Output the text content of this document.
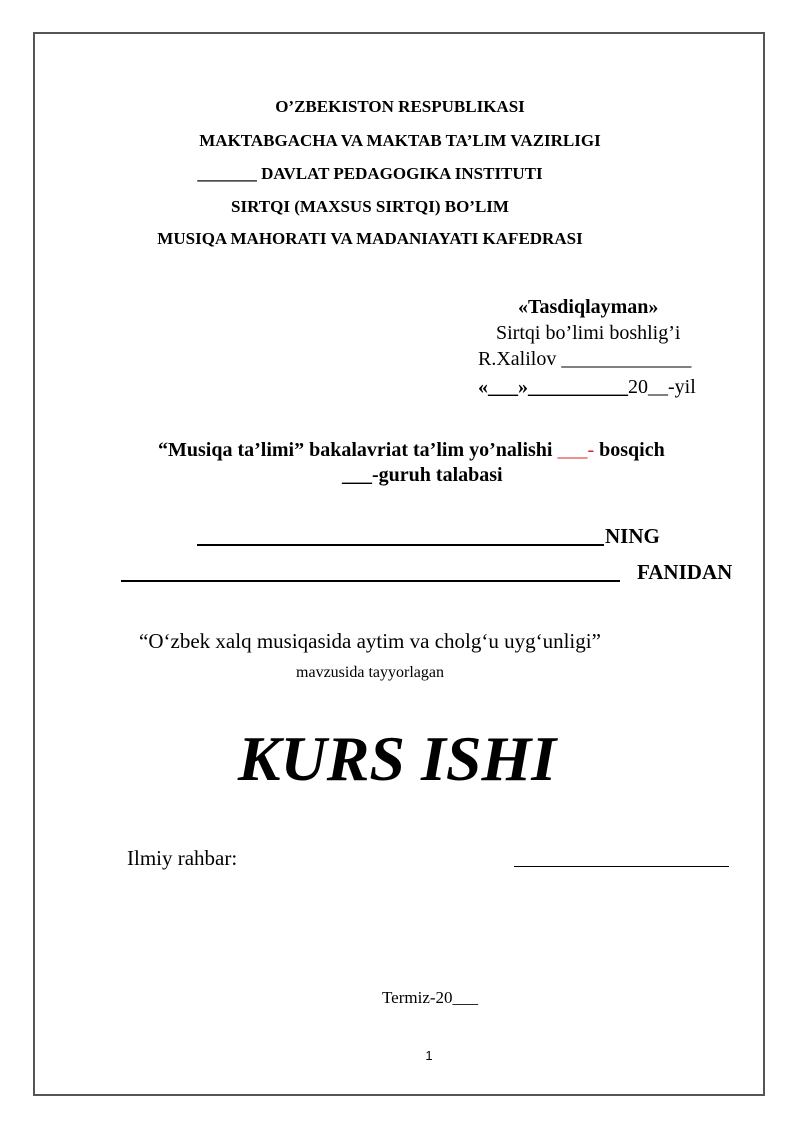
O’ZBEKISTON RESPUBLIKASI
MAKTABGACHA VA MAKTAB TA’LIM VAZIRLIGI
_______ DAVLAT PEDAGOGIKA INSTITUTI
SIRTQI (MAXSUS SIRTQI) BO’LIM
MUSIQA MAHORATI VA MADANIAYATI KAFEDRASI
«Tasdiqlayman»
Sirtqi bo’limi boshlig’i
R.Xalilov _____________
«___»__________20__-yil
“Musiqa ta’limi” bakalavriat ta’lim yo’nalishi ___- bosqich
___-guruh talabasi
NING
FANIDAN
“O‘zbek xalq musiqasida aytim va cholg‘u uyg‘unligi”
mavzusida tayyorlagan
KURS ISHI
Ilmiy rahbar:
Termiz-20___
1
